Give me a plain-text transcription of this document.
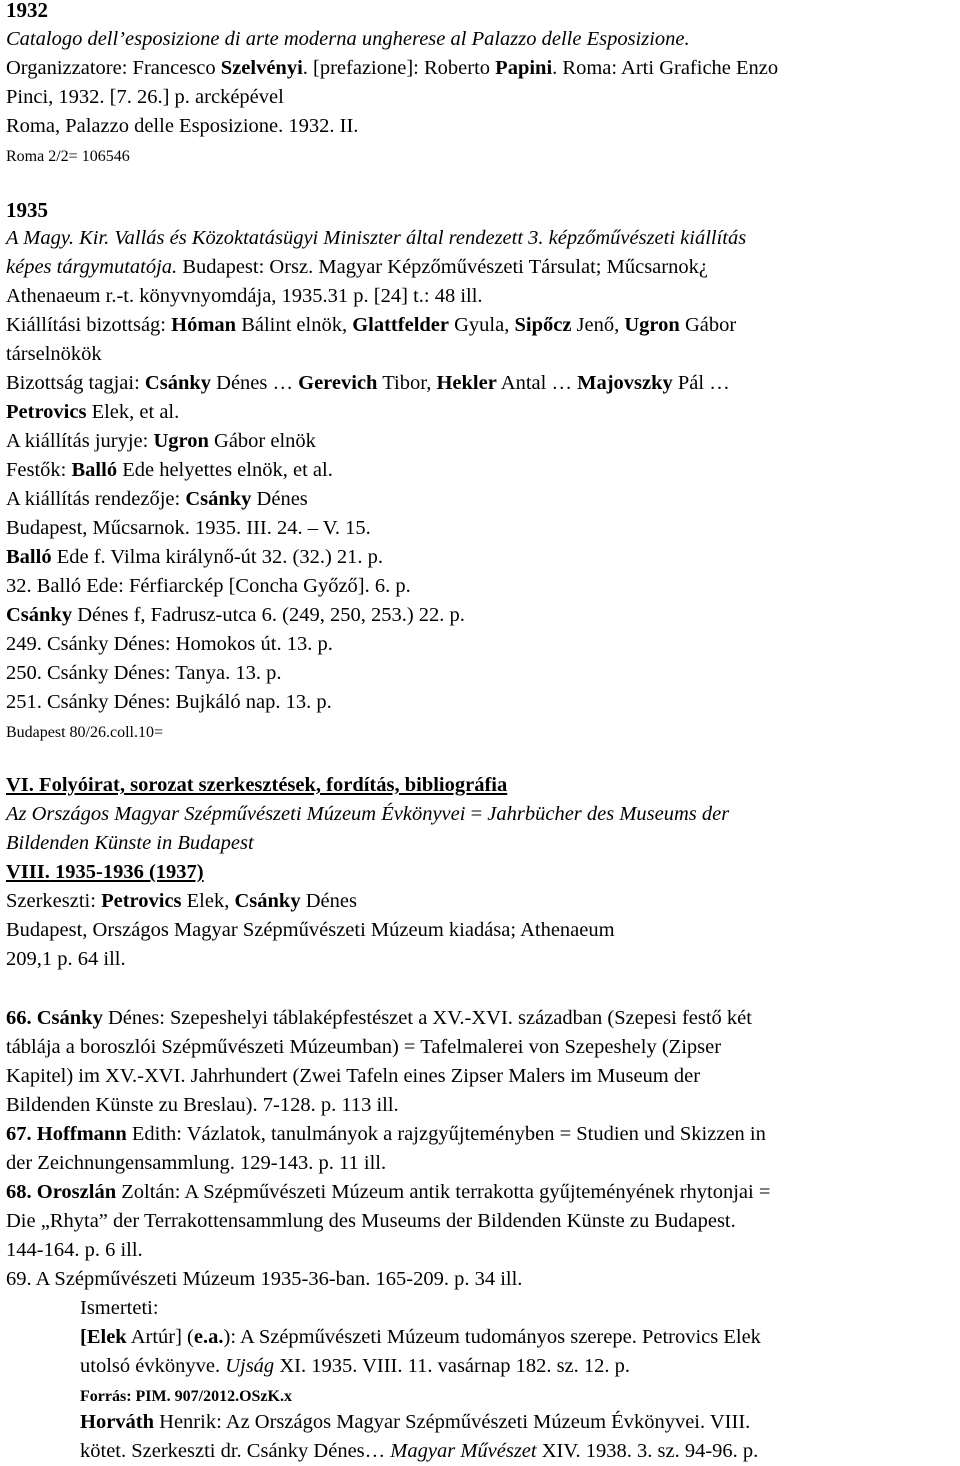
1932
Catalogo dell’esposizione di arte moderna ungherese al Palazzo delle Esposizione.
Organizzatore: Francesco Szelvényi. [prefazione]: Roberto Papini. Roma: Arti Grafiche Enzo
Pinci, 1932. [7. 26.] p. arcképével
Roma, Palazzo delle Esposizione. 1932. II.
Roma 2/2= 106546
1935
A Magy. Kir. Vallás és Közoktatásügyi Miniszter által rendezett 3. képzőművészeti kiállítás
képes tárgymutatója. Budapest: Orsz. Magyar Képzőművészeti Társulat; Műcsarnok¿
Athenaeum r.-t. könyvnyomdája, 1935.31 p. [24] t.: 48 ill.
Kiállítási bizottság: Hóman Bálint elnök, Glattfelder Gyula, Sipőcz Jenő, Ugron Gábor
társelnökök
Bizottság tagjai: Csánky Dénes … Gerevich Tibor, Hekler Antal … Majovszky Pál …
Petrovics Elek, et al.
A kiállítás juryje: Ugron Gábor elnök
Festők: Balló Ede helyettes elnök, et al.
A kiállítás rendezője: Csánky Dénes
Budapest, Műcsarnok. 1935. III. 24. – V. 15.
Balló Ede f. Vilma királynő-út 32. (32.) 21. p.
32. Balló Ede: Férfiarckép [Concha Győző]. 6. p.
Csánky Dénes f, Fadrusz-utca 6. (249, 250, 253.) 22. p.
249. Csánky Dénes: Homokos út. 13. p.
250. Csánky Dénes: Tanya. 13. p.
251. Csánky Dénes: Bujkáló nap. 13. p.
Budapest 80/26.coll.10=
VI. Folyóirat, sorozat szerkesztések, fordítás, bibliográfia
Az Országos Magyar Szépművészeti Múzeum Évkönyvei = Jahrbücher des Museums der
Bildenden Künste in Budapest
VIII. 1935-1936 (1937)
Szerkeszti: Petrovics Elek, Csánky Dénes
Budapest, Országos Magyar Szépművészeti Múzeum kiadása; Athenaeum
209,1 p. 64 ill.
66. Csánky Dénes: Szepeshelyi táblaképfestészet a XV.-XVI. században (Szepesi festő két
táblája a boroszlói Szépművészeti Múzeumban) = Tafelmalerei von Szepeshely (Zipser
Kapitel) im XV.-XVI. Jahrhundert (Zwei Tafeln eines Zipser Malers im Museum der
Bildenden Künste zu Breslau). 7-128. p. 113 ill.
67. Hoffmann Edith: Vázlatok, tanulmányok a rajzgyűjteményben = Studien und Skizzen in
der Zeichnungensammlung. 129-143. p. 11 ill.
68. Oroszlán Zoltán: A Szépművészeti Múzeum antik terrakotta gyűjteményének rhytonjai =
Die „Rhyta” der Terrakottensammlung des Museums der Bildenden Künste zu Budapest.
144-164. p. 6 ill.
69. A Szépművészeti Múzeum 1935-36-ban. 165-209. p. 34 ill.
Ismerteti:
[Elek Artúr] (e.a.): A Szépművészeti Múzeum tudományos szerepe. Petrovics Elek
utolsó évkönyve. Ujság XI. 1935. VIII. 11. vasárnap 182. sz. 12. p.
Forrás: PIM. 907/2012.OSzK.x
Horváth Henrik: Az Országos Magyar Szépművészeti Múzeum Évkönyvei. VIII.
kötet. Szerkeszti dr. Csánky Dénes… Magyar Művészet XIV. 1938. 3. sz. 94-96. p.
